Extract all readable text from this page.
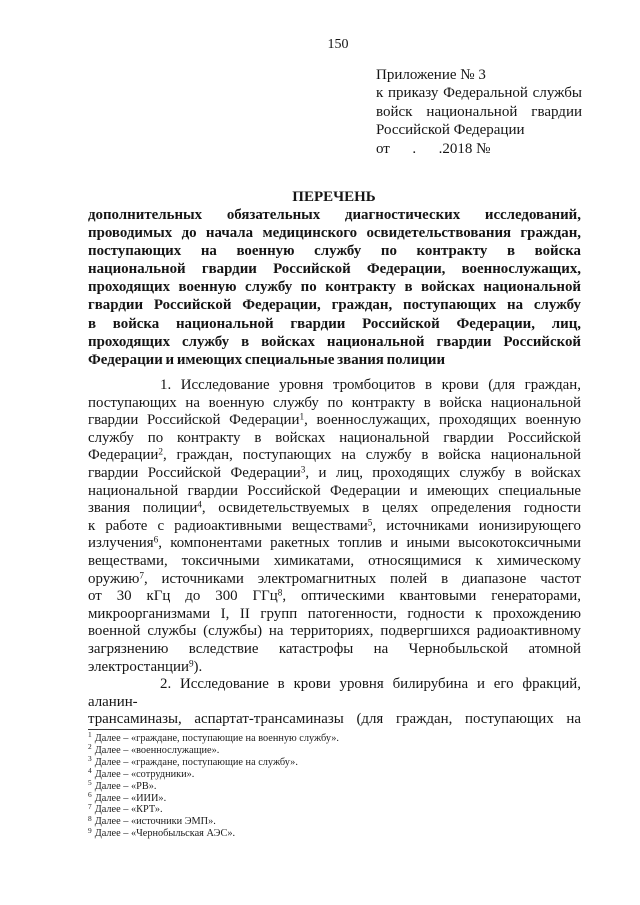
150
Приложение № 3
к приказу Федеральной службы
войск национальной гвардии
Российской Федерации
от      .      .2018 №
ПЕРЕЧЕНЬ
дополнительных обязательных диагностических исследований,
проводимых до начала медицинского освидетельствования граждан,
поступающих на военную службу по контракту в войска
национальной гвардии Российской Федерации, военнослужащих,
проходящих военную службу по контракту в войсках национальной
гвардии Российской Федерации, граждан, поступающих на службу
в войска национальной гвардии Российской Федерации, лиц,
проходящих службу в войсках национальной гвардии Российской
Федерации и имеющих специальные звания полиции
1. Исследование уровня тромбоцитов в крови (для граждан,
поступающих на военную службу по контракту в войска национальной
гвардии Российской Федерации$^1$, военнослужащих, проходящих военную
службу по контракту в войсках национальной гвардии Российской
Федерации$^2$, граждан, поступающих на службу в войска национальной
гвардии Российской Федерации$^3$, и лиц, проходящих службу в войсках
национальной гвардии Российской Федерации и имеющих специальные
звания полиции$^4$, освидетельствуемых в целях определения годности
к работе с радиоактивными веществами$^5$, источниками ионизирующего
излучения$^6$, компонентами ракетных топлив и иными высокотоксичными
веществами, токсичными химикатами, относящимися к химическому
оружию$^7$, источниками электромагнитных полей в диапазоне частот
от 30 кГц до 300 ГГц$^8$, оптическими квантовыми генераторами,
микроорганизмами I, II групп патогенности, годности к прохождению
военной службы (службы) на территориях, подвергшихся радиоактивному
загрязнению вследствие катастрофы на Чернобыльской атомной
электростанции$^9$).
2. Исследование в крови уровня билирубина и его фракций, аланин-
трансаминазы, аспартат-трансаминазы (для граждан, поступающих на
$^1$ Далее – «граждане, поступающие на военную службу».
$^2$ Далее – «военнослужащие».
$^3$ Далее – «граждане, поступающие на службу».
$^4$ Далее – «сотрудники».
$^5$ Далее – «РВ».
$^6$ Далее – «ИИИ».
$^7$ Далее – «КРТ».
$^8$ Далее – «источники ЭМП».
$^9$ Далее – «Чернобыльская АЭС».
